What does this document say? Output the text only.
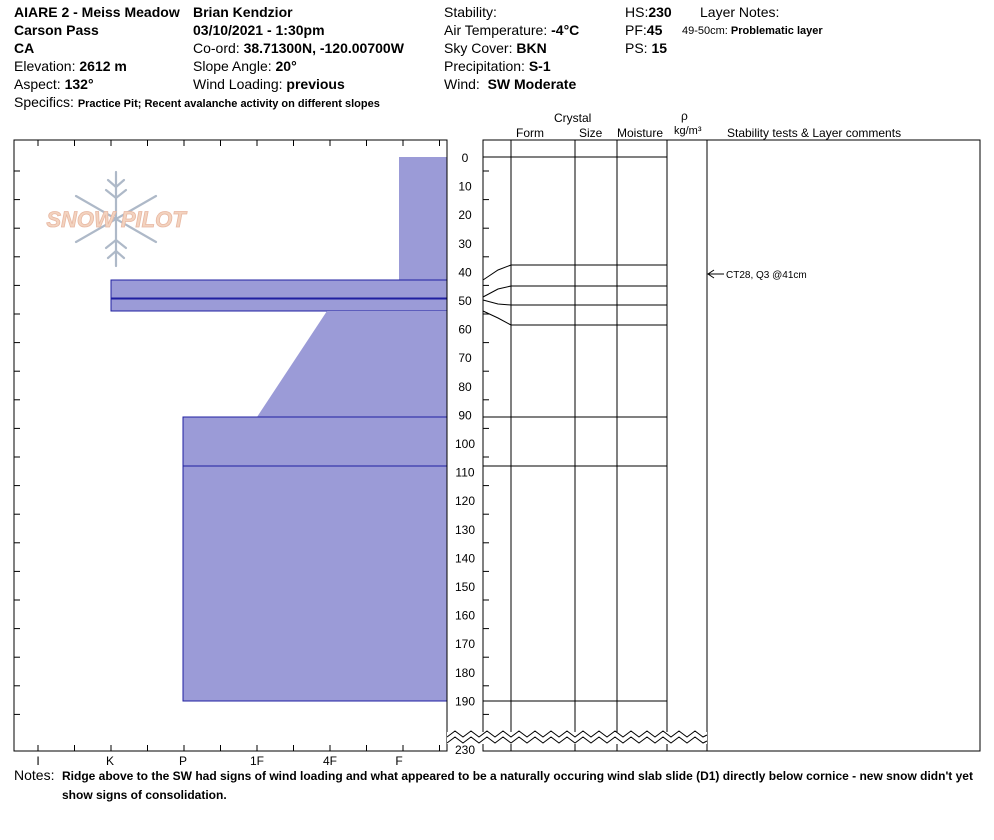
AIARE 2 - Meiss Meadow Brian Kendzior
Carson Pass
CA
Elevation: 2612 m
Aspect: 132°
Specifics: Practice Pit; Recent avalanche activity on different slopes
03/10/2021 - 1:30pm
Co-ord: 38.71300N, -120.00700W
Slope Angle: 20°
Wind Loading: previous
Stability:
Air Temperature: -4°C
Sky Cover: BKN
Precipitation: S-1
Wind: SW Moderate
HS:230
PF:45
PS: 15
Layer Notes:
49-50cm: Problematic layer
Crystal
Form	Size Moisture
ρ
kg/m³ Stability tests & Layer comments
SNOW PILOT
CT28, Q3 @41cm
0
10
20
30
40
50
60
70
80
90
100
110
120
130
140
150
160
170
180
190
230
I	K	P	1F	4F	F
Notes: Ridge above to the SW had signs of wind loading and what appeared to be a naturally occuring wind slab slide (D1) directly below cornice - new snow didn't yet show signs of consolidation.
